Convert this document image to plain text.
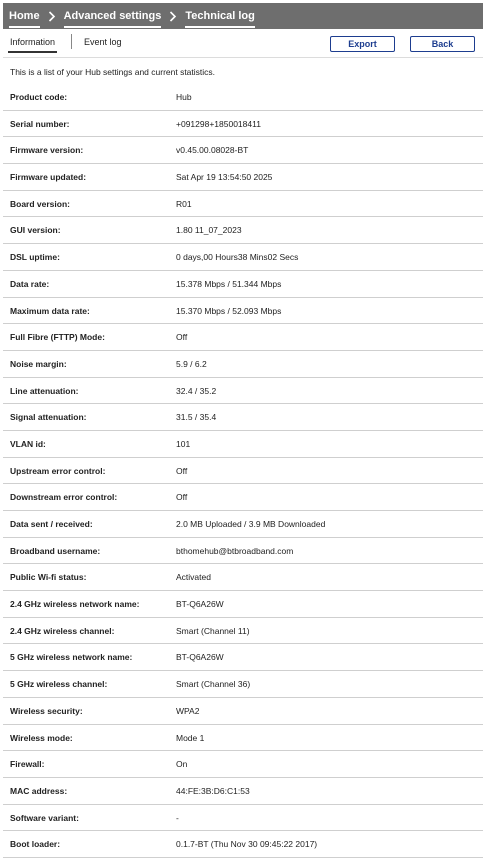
Home Advanced settings Technical log
Information	Event log	Export	Back
This is a list of your Hub settings and current statistics.
Product code:	Hub
Serial number:	+091298+1850018411
Firmware version:	v0.45.00.08028-BT
Firmware updated:	Sat Apr 19 13:54:50 2025
Board version:	R01
GUI version:	1.80 11_07_2023
DSL uptime:	0 days,00 Hours38 Mins02 Secs
Data rate:	15.378 Mbps / 51.344 Mbps
Maximum data rate:	15.370 Mbps / 52.093 Mbps
Full Fibre (FTTP) Mode:	Off
Noise margin:	5.9 / 6.2
Line attenuation:	32.4 / 35.2
Signal attenuation:	31.5 / 35.4
VLAN id:	101
Upstream error control:	Off
Downstream error control:	Off
Data sent / received:	2.0 MB Uploaded / 3.9 MB Downloaded
Broadband username:	bthomehub@btbroadband.com
Public Wi-fi status:	Activated
2.4 GHz wireless network name:	BT-Q6A26W
2.4 GHz wireless channel:	Smart (Channel 11)
5 GHz wireless network name:	BT-Q6A26W
5 GHz wireless channel:	Smart (Channel 36)
Wireless security:	WPA2
Wireless mode:	Mode 1
Firewall:	On
MAC address:	44:FE:3B:D6:C1:53
Software variant:	-
Boot loader:	0.1.7-BT (Thu Nov 30 09:45:22 2017)
